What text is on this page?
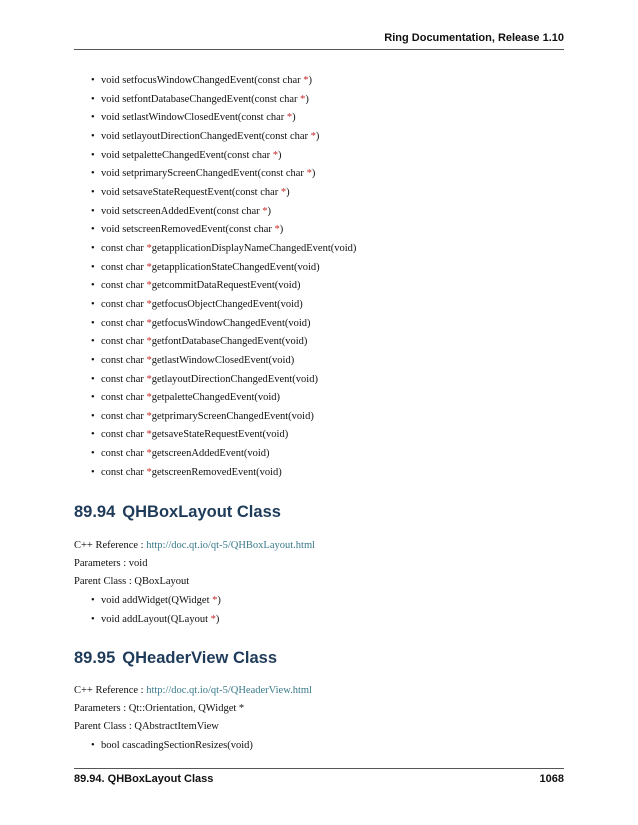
Ring Documentation, Release 1.10
• void setfocusWindowChangedEvent(const char *)
• void setfontDatabaseChangedEvent(const char *)
• void setlastWindowClosedEvent(const char *)
• void setlayoutDirectionChangedEvent(const char *)
• void setpaletteChangedEvent(const char *)
• void setprimaryScreenChangedEvent(const char *)
• void setsaveStateRequestEvent(const char *)
• void setscreenAddedEvent(const char *)
• void setscreenRemovedEvent(const char *)
• const char *getapplicationDisplayNameChangedEvent(void)
• const char *getapplicationStateChangedEvent(void)
• const char *getcommitDataRequestEvent(void)
• const char *getfocusObjectChangedEvent(void)
• const char *getfocusWindowChangedEvent(void)
• const char *getfontDatabaseChangedEvent(void)
• const char *getlastWindowClosedEvent(void)
• const char *getlayoutDirectionChangedEvent(void)
• const char *getpaletteChangedEvent(void)
• const char *getprimaryScreenChangedEvent(void)
• const char *getsaveStateRequestEvent(void)
• const char *getscreenAddedEvent(void)
• const char *getscreenRemovedEvent(void)
89.94 QHBoxLayout Class
C++ Reference : http://doc.qt.io/qt-5/QHBoxLayout.html
Parameters : void
Parent Class : QBoxLayout
• void addWidget(QWidget *)
• void addLayout(QLayout *)
89.95 QHeaderView Class
C++ Reference : http://doc.qt.io/qt-5/QHeaderView.html
Parameters : Qt::Orientation, QWidget *
Parent Class : QAbstractItemView
• bool cascadingSectionResizes(void)
89.94. QHBoxLayout Class	1068
